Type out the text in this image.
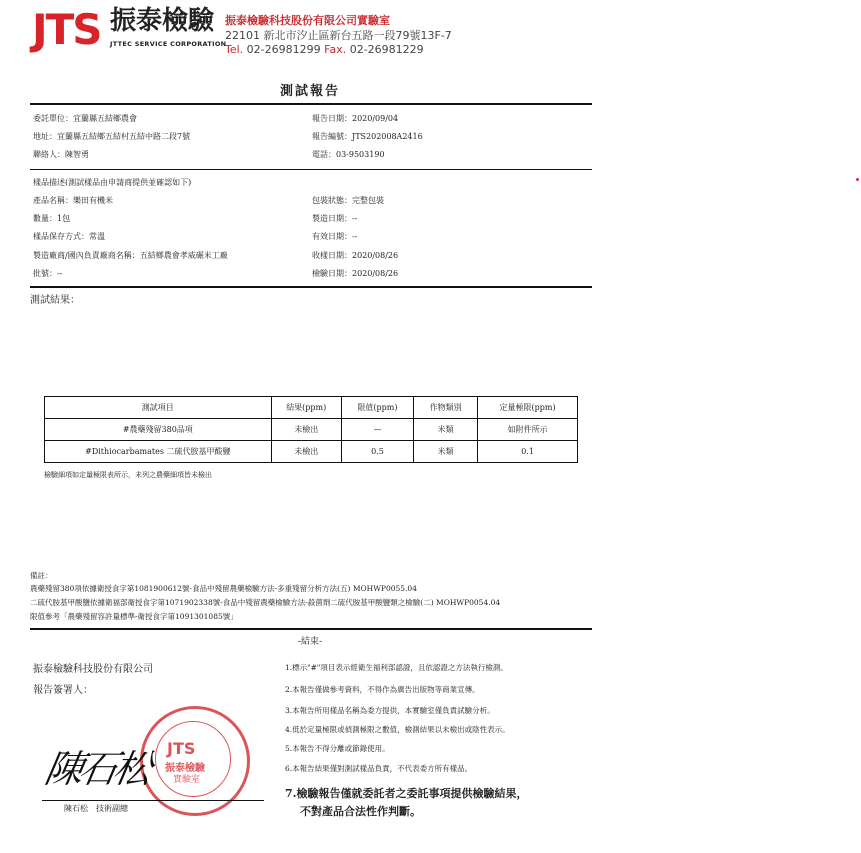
JTS 振泰檢驗
JTTEC SERVICE CORPORATION
振泰檢驗科技股份有限公司實驗室
22101 新北市汐止區新台五路一段79號13F-7
Tel. 02-26981299 Fax. 02-26981229
測試報告
委託單位：宜蘭縣五結鄉農會
地址：宜蘭縣五結鄉五結村五結中路二段7號
聯絡人：陳智勇
報告日期：2020/09/04
報告編號：JTS202008A2416
電話：03-9503190
樣品描述(測試樣品由申請商提供並確認如下)
產品名稱：樂田有機米
數量：1包
樣品保存方式：常溫
製造廠商/國內負責廠商名稱：五結鄉農會孝威碾米工廠
批號：--
包裝狀態：完整包裝
製造日期：--
有效日期：--
收樣日期：2020/08/26
檢驗日期：2020/08/26
測試結果：
測試項目	結果(ppm)	限值(ppm)	作物類別	定量極限(ppm)
#農藥殘留380品項	未檢出	—	米類	如附件所示
#Dithiocarbamates 二硫代胺基甲酸鹽	未檢出	0.5	米類	0.1
檢驗細項如定量極限表所示，未列之農藥細項皆未檢出
備註：
農藥殘留380項依據衛授食字第1081900612號-食品中殘留農藥檢驗方法-多重殘留分析方法(五) MOHWP0055.04
二硫代胺基甲酸鹽依據衛福部衛授食字第1071902338號-食品中殘留農藥檢驗方法-殺菌劑二硫代胺基甲酸鹽類之檢驗(二) MOHWP0054.04
限值參考「農藥殘留容許量標準-衛授食字第1091301085號」
-結束-
振泰檢驗科技股份有限公司
報告簽署人：
JTS
振泰檢驗
實驗室
陳石松
陳石松　技術副總
1.標示"#"項目表示經衛生福利部認證，且依認證之方法執行檢測。
2.本報告僅做參考資料，不得作為廣告出版物等商業宣傳。
3.本報告所用樣品名稱為委方提供，本實驗室僅負責試驗分析。
4.低於定量極限或偵測極限之數值，檢測結果以未檢出或陰性表示。
5.本報告不得分離或節錄使用。
6.本報告結果僅對測試樣品負責，不代表委方所有樣品。
7.檢驗報告僅就委託者之委託事項提供檢驗結果，
不對產品合法性作判斷。
